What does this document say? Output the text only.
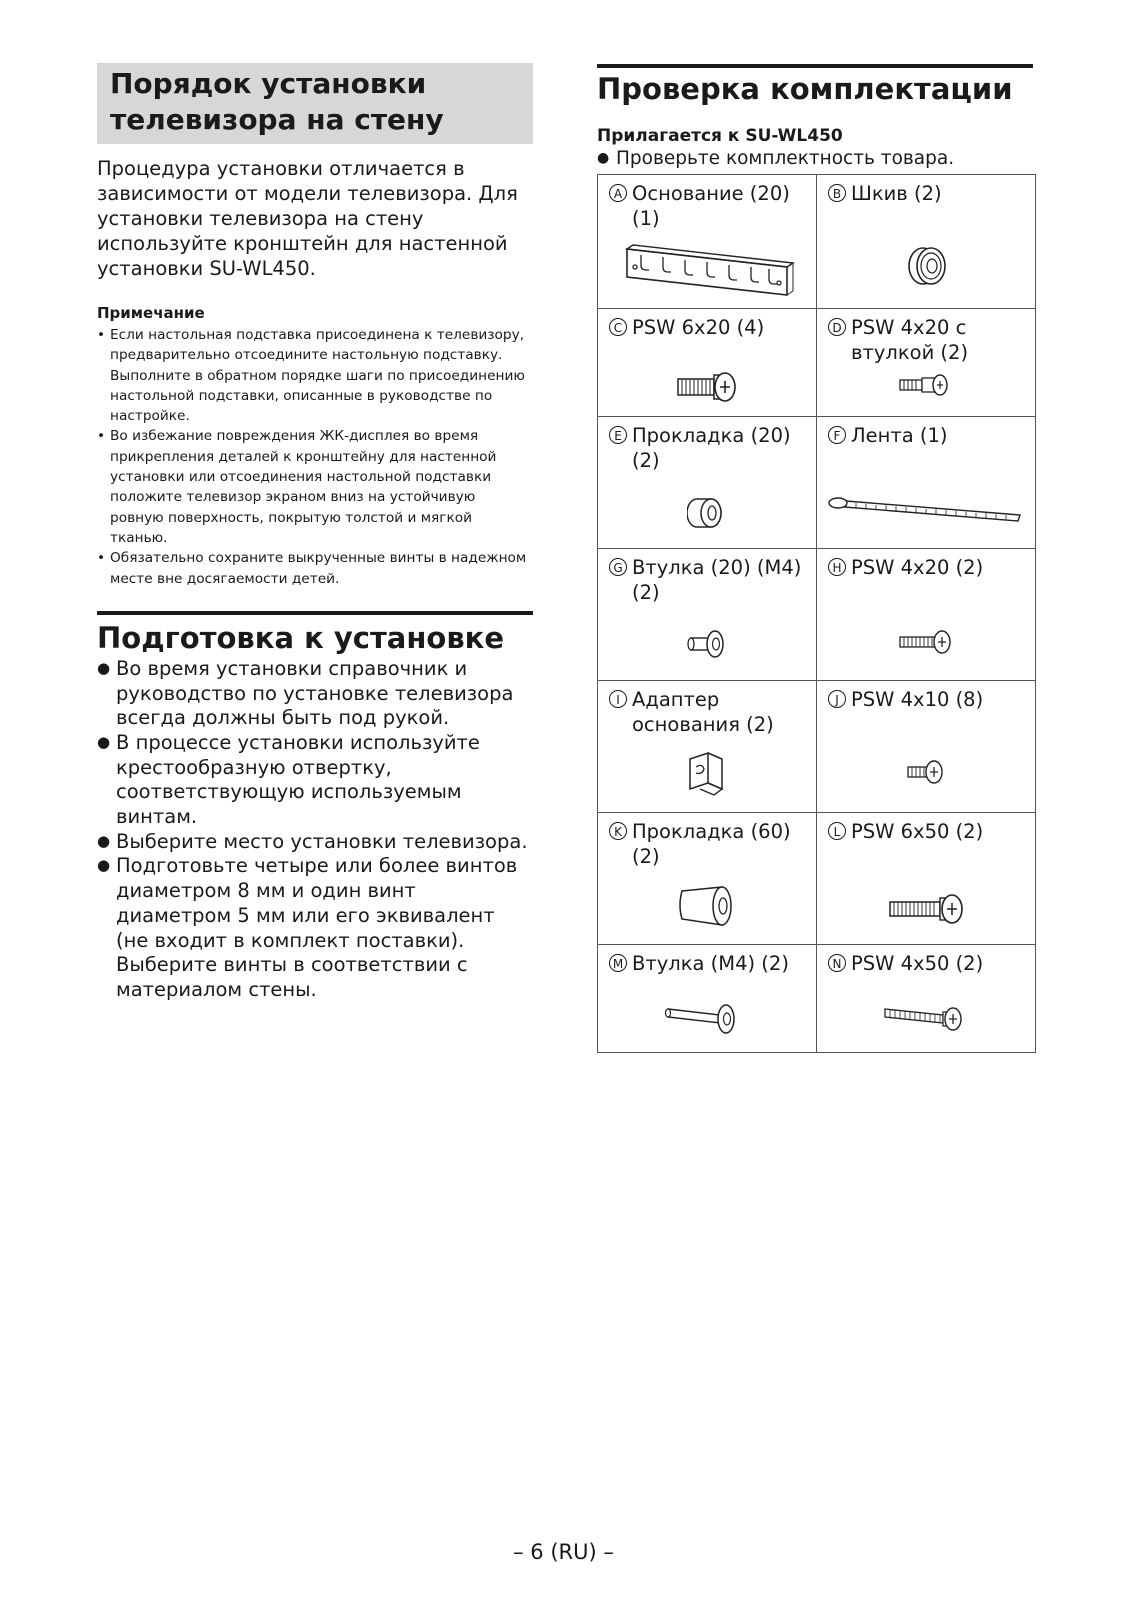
Порядок установки телевизора на стену

Процедура установки отличается в зависимости от модели телевизора. Для установки телевизора на стену используйте кронштейн для настенной установки SU-WL450.

Примечание
• Если настольная подставка присоединена к телевизору, предварительно отсоедините настольную подставку. Выполните в обратном порядке шаги по присоединению настольной подставки, описанные в руководстве по настройке.
• Во избежание повреждения ЖК-дисплея во время прикрепления деталей к кронштейну для настенной установки или отсоединения настольной подставки положите телевизор экраном вниз на устойчивую ровную поверхность, покрытую толстой и мягкой тканью.
• Обязательно сохраните выкрученные винты в надежном месте вне досягаемости детей.
Подготовка к установке
● Во время установки справочник и руководство по установке телевизора всегда должны быть под рукой.
● В процессе установки используйте крестообразную отвертку, соответствующую используемым винтам.
● Выберите место установки телевизора.
● Подготовьте четыре или более винтов диаметром 8 мм и один винт диаметром 5 мм или его эквивалент (не входит в комплект поставки). Выберите винты в соответствии с материалом стены.
Проверка комплектации
Прилагается к SU-WL450
● Проверьте комплектность товара.
A Основание (20) (1)	B Шкив (2)

C PSW 6x20 (4)	D PSW 4x20 с втулкой (2)

E Прокладка (20) (2)	F Лента (1)

G Втулка (20) (M4) (2)	H PSW 4x20 (2)

I Адаптер основания (2)	J PSW 4x10 (8)

K Прокладка (60) (2)	L PSW 6x50 (2)

M Втулка (M4) (2)	N PSW 4x50 (2)
– 6 (RU) –
